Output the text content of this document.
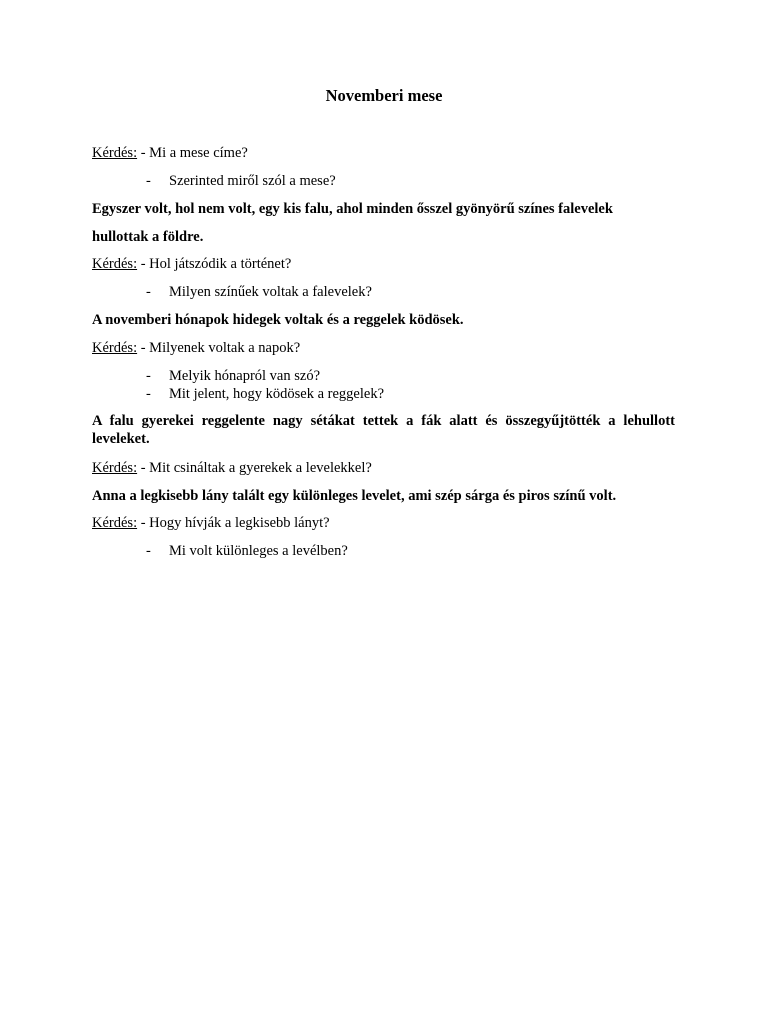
Novemberi mese
Kérdés: - Mi a mese címe?
- Szerinted miről szól a mese?
Egyszer volt, hol nem volt, egy kis falu, ahol minden ősszel gyönyörű színes falevelek
hullottak a földre.
Kérdés: - Hol játszódik a történet?
- Milyen színűek voltak a falevelek?
A novemberi hónapok hidegek voltak és a reggelek ködösek.
Kérdés: - Milyenek voltak a napok?
- Melyik hónapról van szó?
- Mit jelent, hogy ködösek a reggelek?
A falu gyerekei reggelente nagy sétákat tettek a fák alatt és összegyűjtötték a lehullott leveleket.
Kérdés: - Mit csináltak a gyerekek a levelekkel?
Anna a legkisebb lány talált egy különleges levelet, ami szép sárga és piros színű volt.
Kérdés: - Hogy hívják a legkisebb lányt?
- Mi volt különleges a levélben?
